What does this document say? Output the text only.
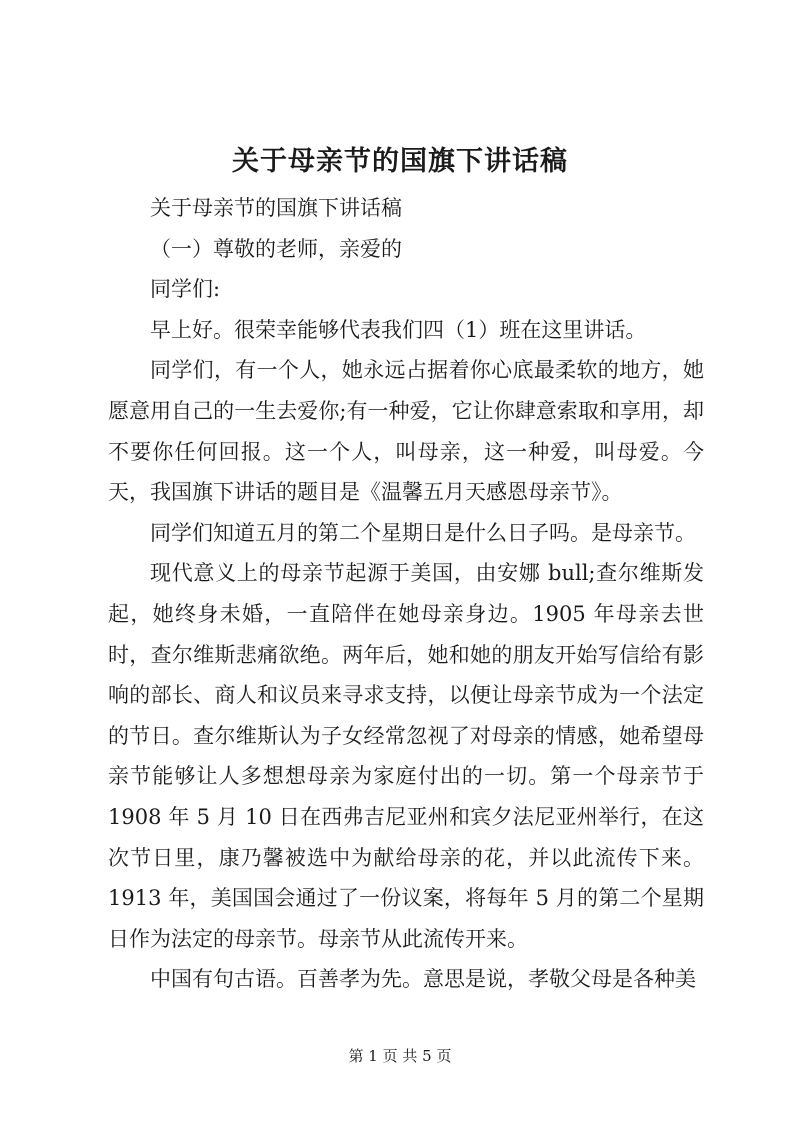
关于母亲节的国旗下讲话稿

关于母亲节的国旗下讲话稿

（一）尊敬的老师，亲爱的

同学们:

早上好。很荣幸能够代表我们四（1）班在这里讲话。

同学们，有一个人，她永远占据着你心底最柔软的地方，她愿意用自己的一生去爱你;有一种爱，它让你肆意索取和享用，却不要你任何回报。这一个人，叫母亲，这一种爱，叫母爱。今天，我国旗下讲话的题目是《温馨五月天感恩母亲节》。

同学们知道五月的第二个星期日是什么日子吗。是母亲节。

现代意义上的母亲节起源于美国，由安娜 bull;查尔维斯发起，她终身未婚，一直陪伴在她母亲身边。1905 年母亲去世时，查尔维斯悲痛欲绝。两年后，她和她的朋友开始写信给有影响的部长、商人和议员来寻求支持，以便让母亲节成为一个法定的节日。查尔维斯认为子女经常忽视了对母亲的情感，她希望母亲节能够让人多想想母亲为家庭付出的一切。第一个母亲节于 1908 年 5 月 10 日在西弗吉尼亚州和宾夕法尼亚州举行，在这次节日里，康乃馨被选中为献给母亲的花，并以此流传下来。1913 年，美国国会通过了一份议案，将每年 5 月的第二个星期日作为法定的母亲节。母亲节从此流传开来。

中国有句古语。百善孝为先。意思是说，孝敬父母是各种美

第 1 页 共 5 页
